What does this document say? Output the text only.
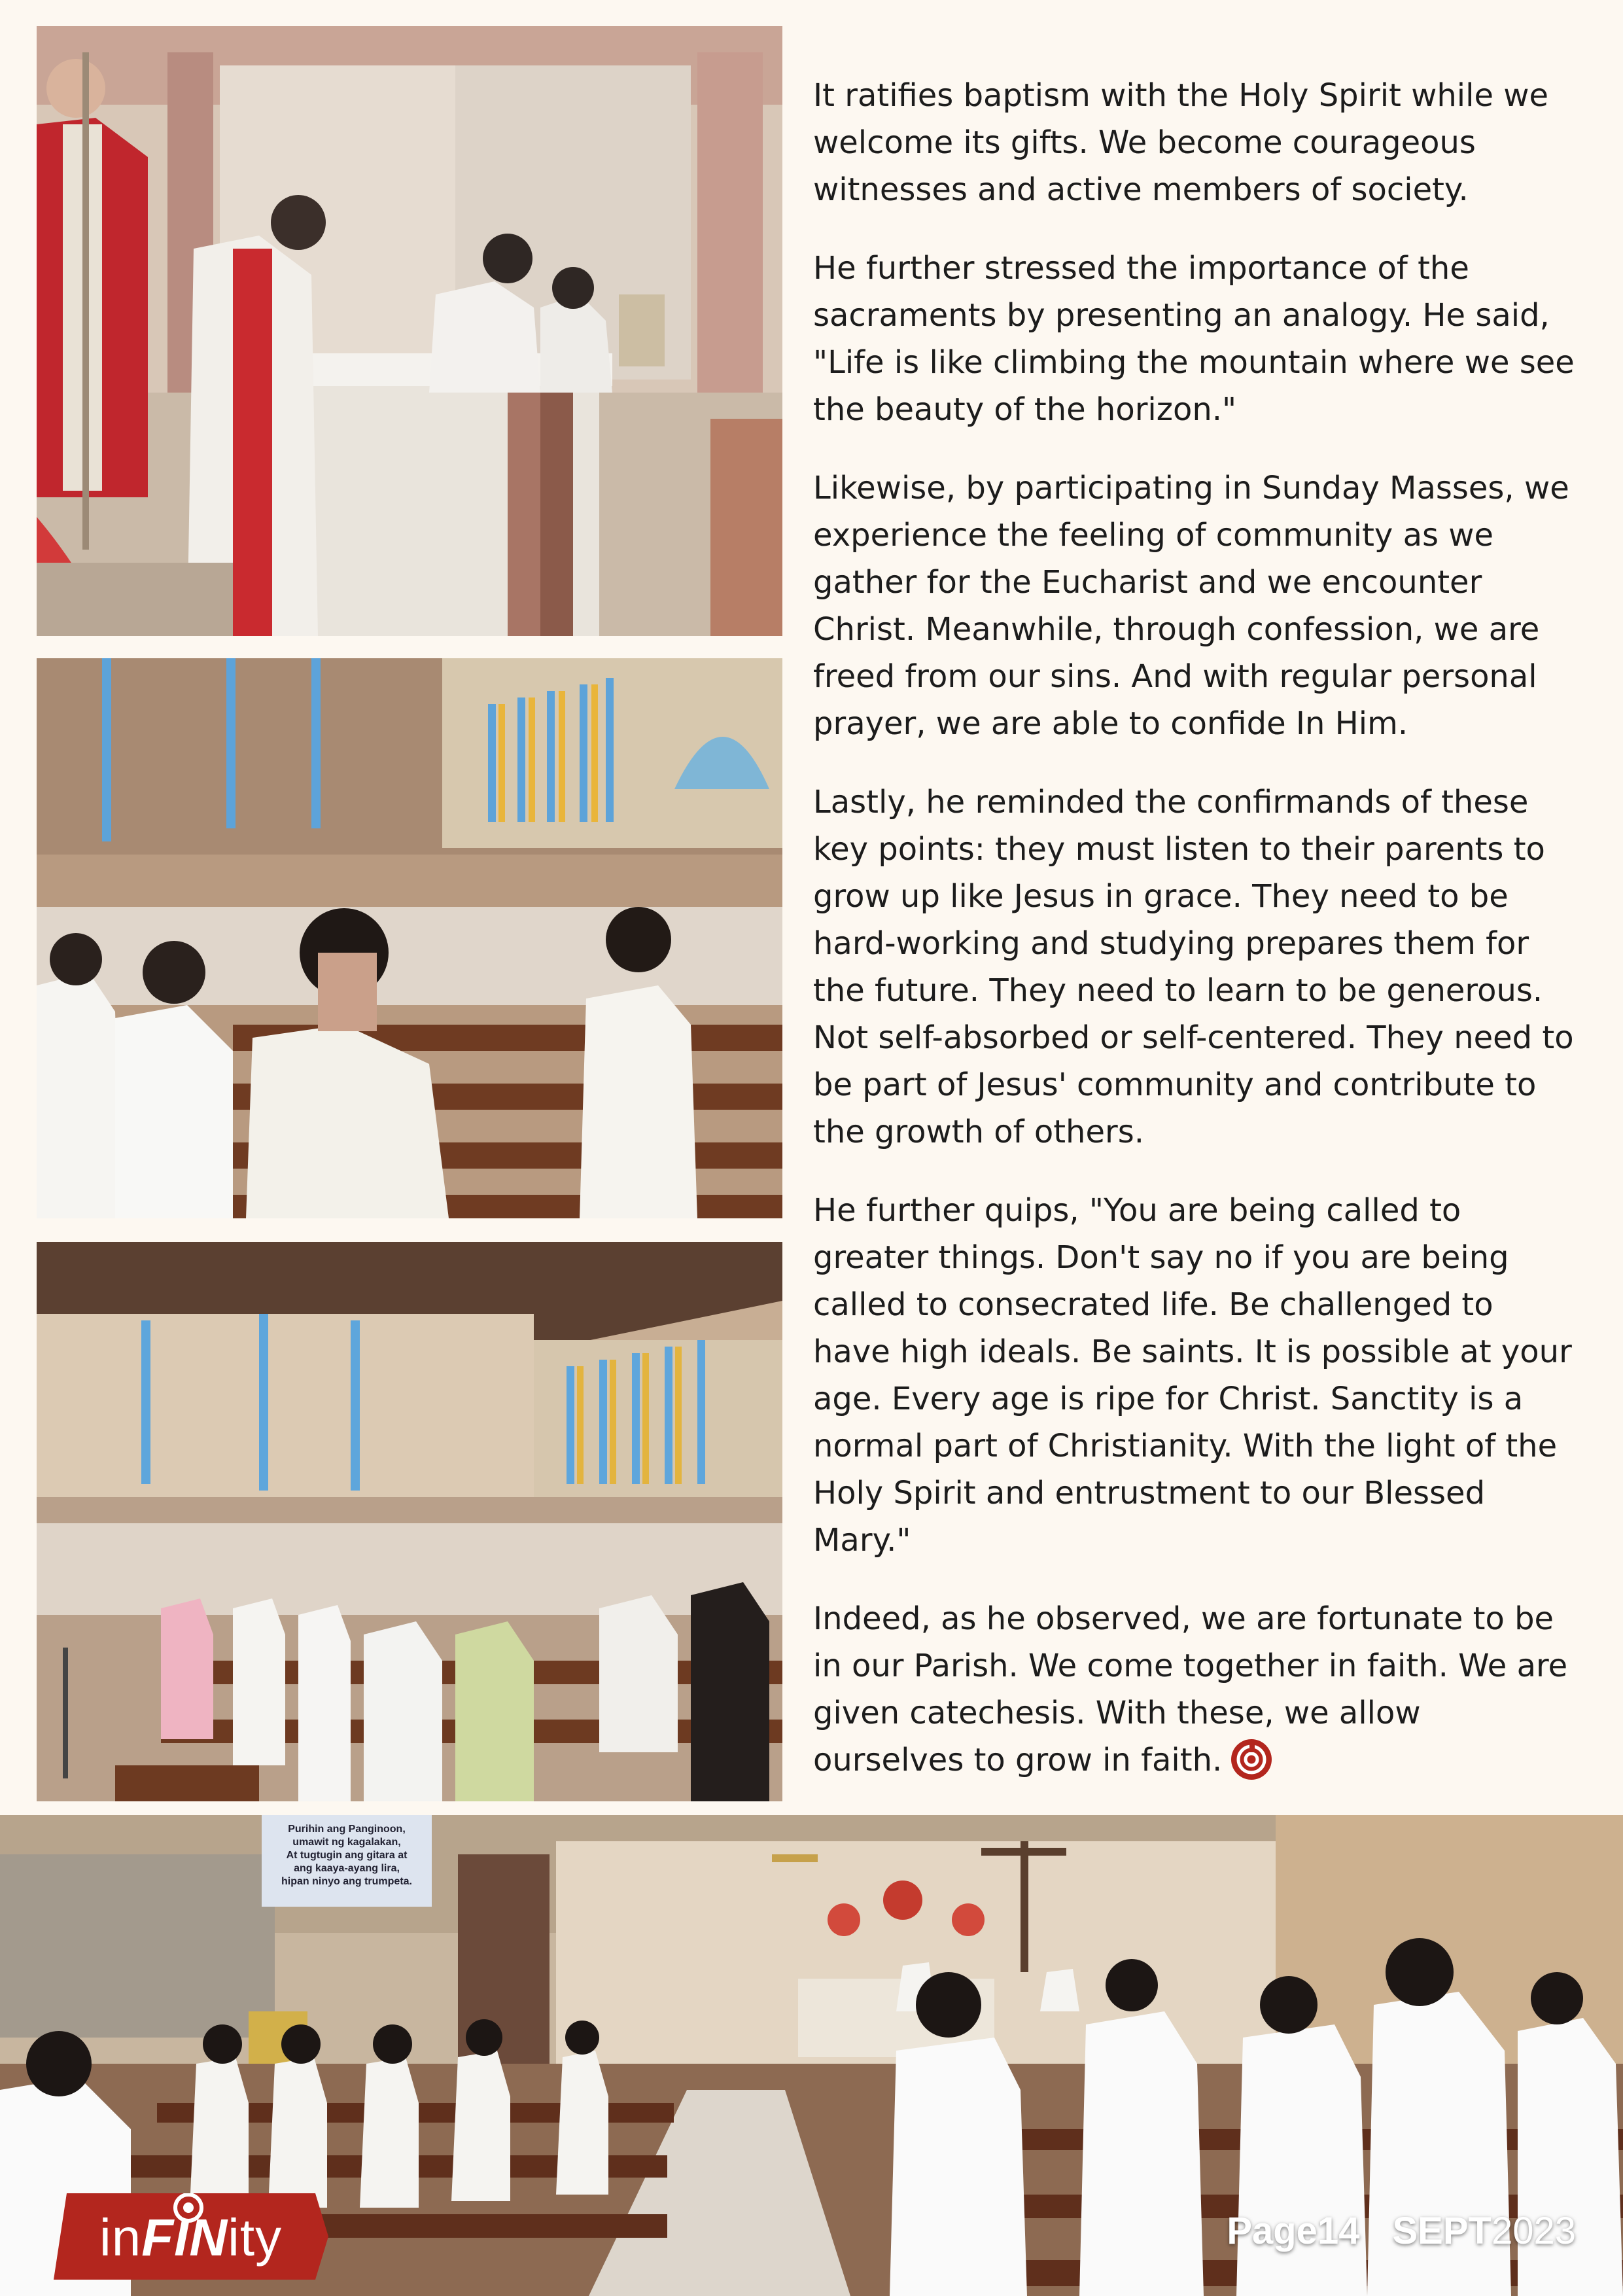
It ratifies baptism with the Holy Spirit while we welcome its gifts. We become courageous witnesses and active members of society.

He further stressed the importance of the sacraments by presenting an analogy. He said, "Life is like climbing the mountain where we see the beauty of the horizon."

Likewise, by participating in Sunday Masses, we experience the feeling of community as we gather for the Eucharist and we encounter Christ. Meanwhile, through confession, we are freed from our sins. And with regular personal prayer, we are able to confide In Him.

Lastly, he reminded the confirmands of these key points: they must listen to their parents to grow up like Jesus in grace. They need to be hard-working and studying prepares them for the future. They need to learn to be generous. Not self-absorbed or self-centered. They need to be part of Jesus' community and contribute to the growth of others.

He further quips, "You are being called to greater things. Don't say no if you are being called to consecrated life. Be challenged to have high ideals. Be saints. It is possible at your age. Every age is ripe for Christ. Sanctity is a normal part of Christianity. With the light of the Holy Spirit and entrustment to our Blessed Mary."

Indeed, as he observed, we are fortunate to be in our Parish. We come together in faith. We are given catechesis. With these, we allow ourselves to grow in faith.

Purihin ang Panginoon,
umawit ng kagalakan,
At tugtugin ang gitara at
ang kaaya-ayang lira,
hipan ninyo ang trumpeta.
inFINity	Page14 SEPT2023
